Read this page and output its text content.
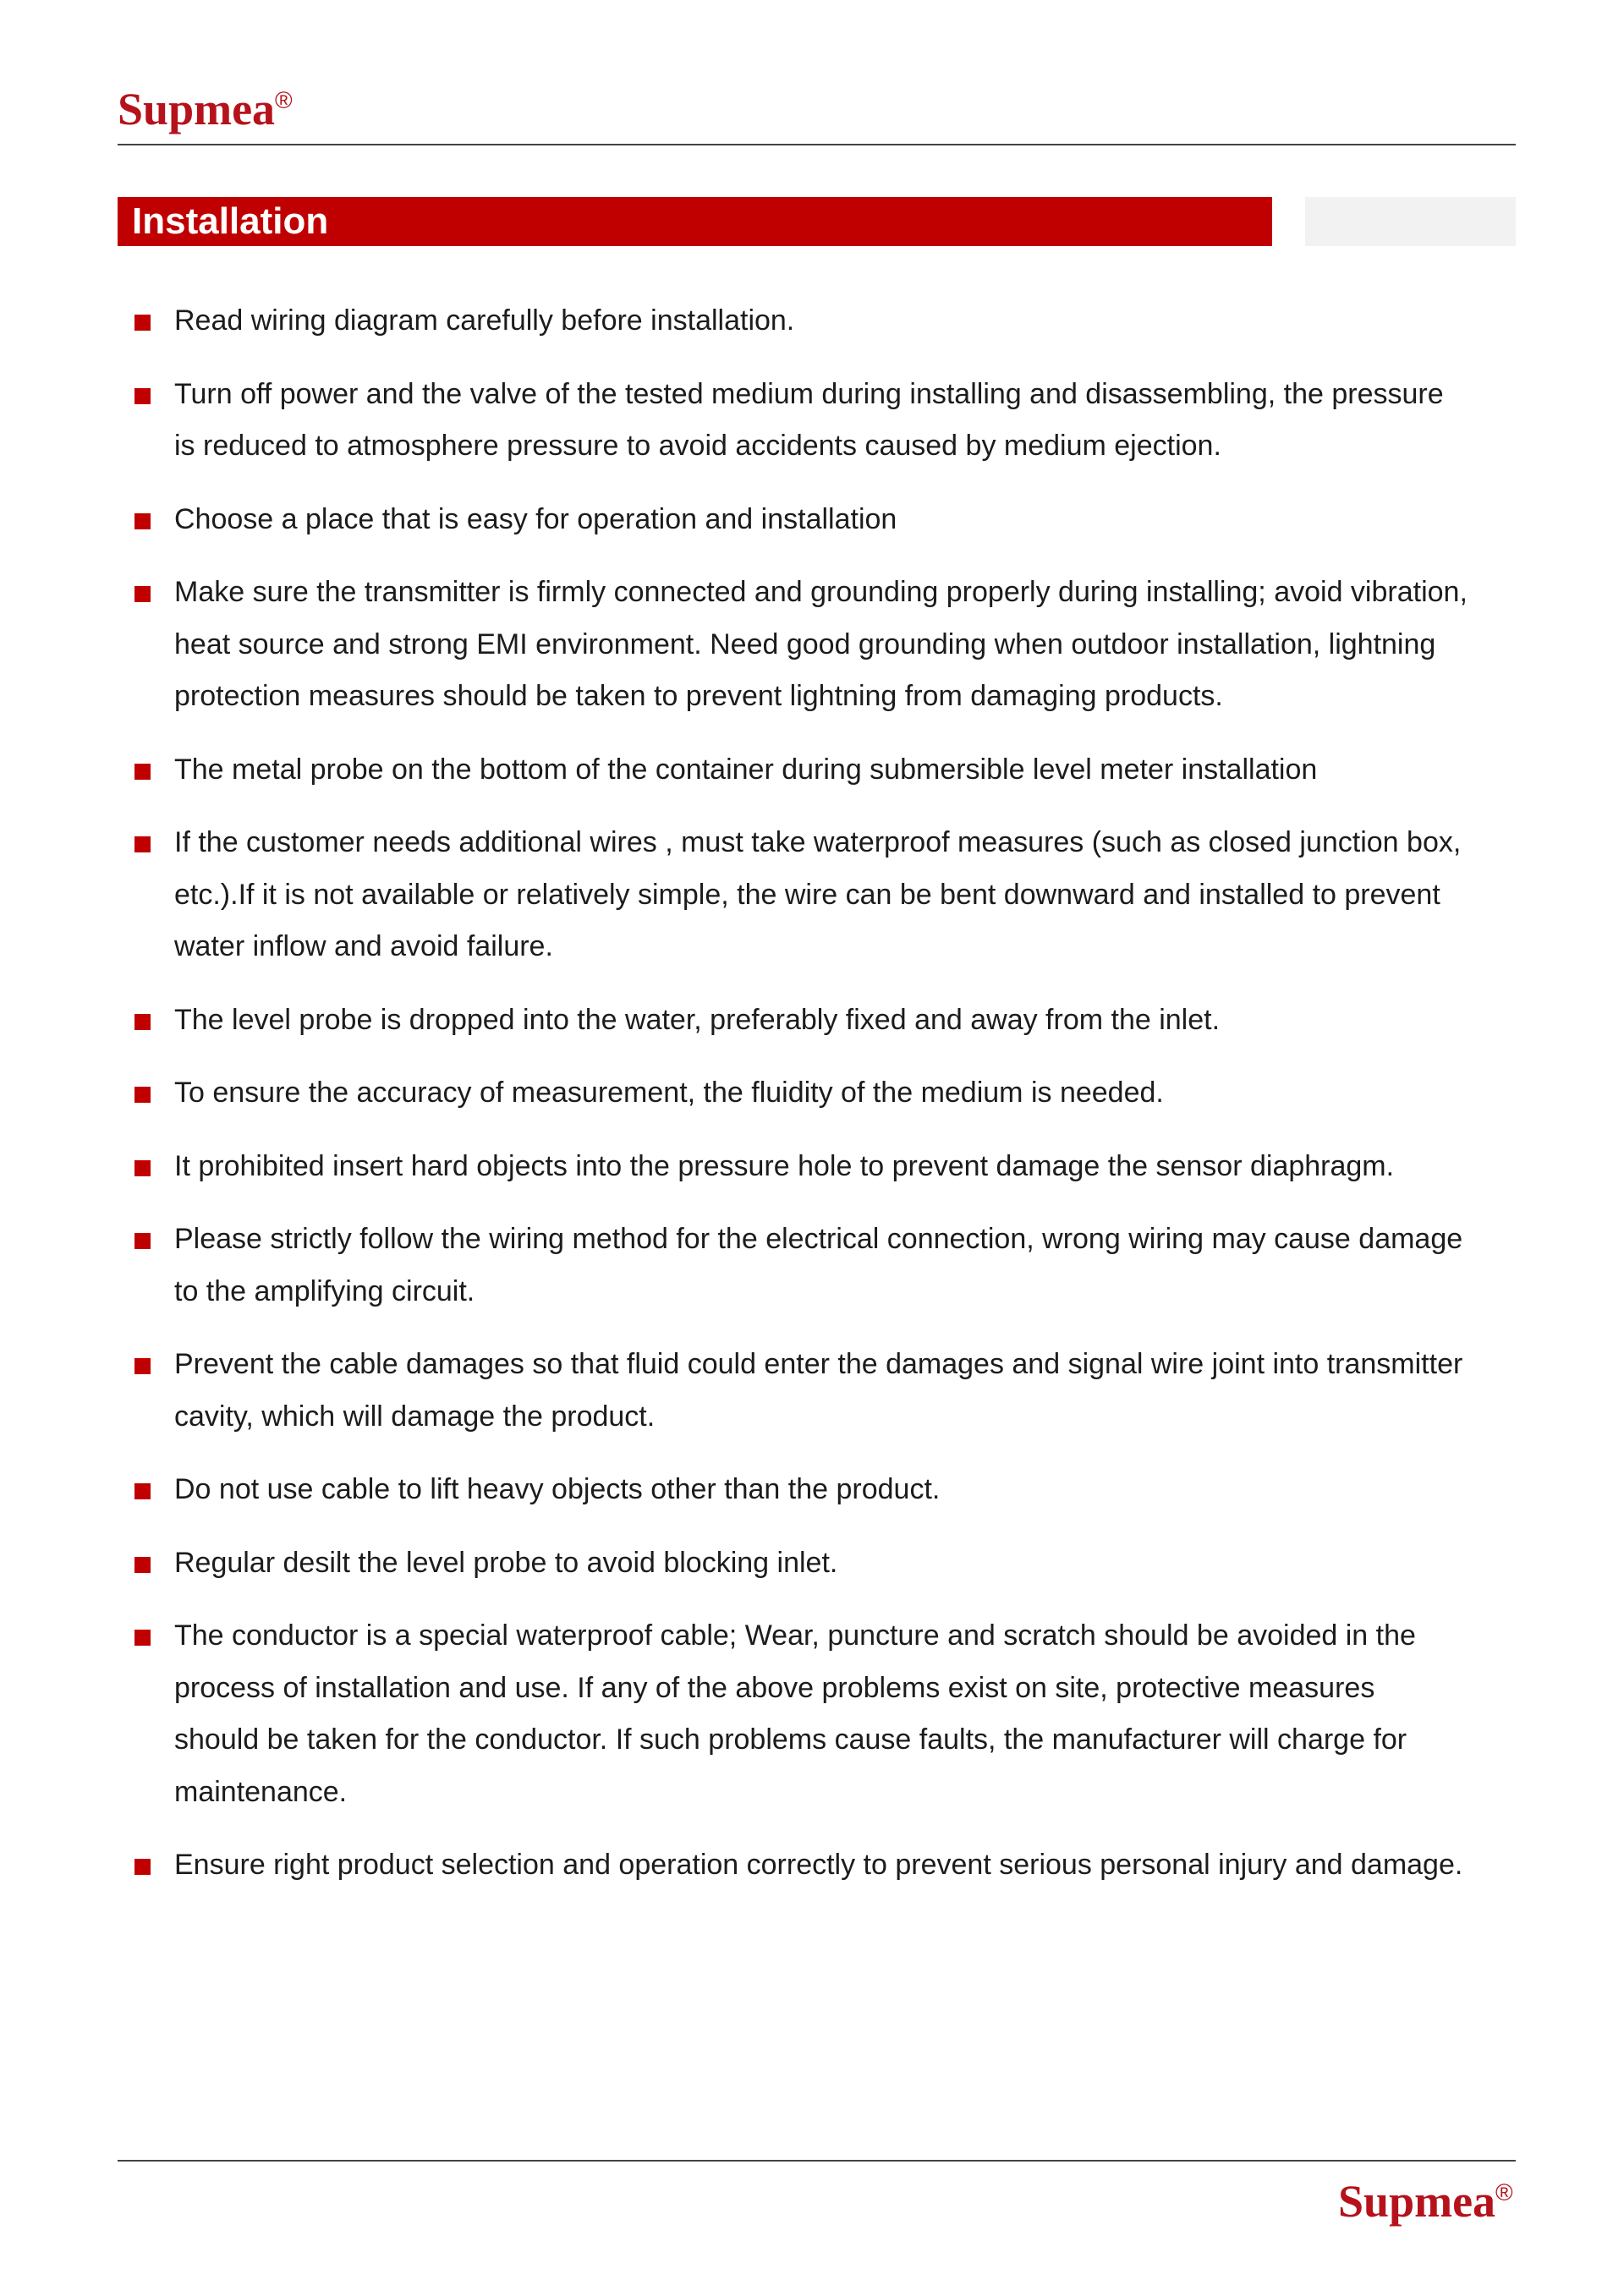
Supmea®
Installation
Read wiring diagram carefully before installation.
Turn off power and the valve of the tested medium during installing and disassembling, the pressure
is reduced to atmosphere pressure to avoid accidents caused by medium ejection.
Choose a place that is easy for operation and installation
Make sure the transmitter is firmly connected and grounding properly during installing; avoid vibration,
heat source and strong EMI environment. Need good grounding when outdoor installation, lightning
protection measures should be taken to prevent lightning from damaging products.
The metal probe on the bottom of the container during submersible level meter installation
If the customer needs additional wires , must take waterproof measures (such as closed junction box,
etc.).If it is not available or relatively simple, the wire can be bent downward and installed to prevent
water inflow and avoid failure.
The level probe is dropped into the water, preferably fixed and away from the inlet.
To ensure the accuracy of measurement, the fluidity of the medium is needed.
It prohibited insert hard objects into the pressure hole to prevent damage the sensor diaphragm.
Please strictly follow the wiring method for the electrical connection, wrong wiring may cause damage
to the amplifying circuit.
Prevent the cable damages so that fluid could enter the damages and signal wire joint into transmitter
cavity, which will damage the product.
Do not use cable to lift heavy objects other than the product.
Regular desilt the level probe to avoid blocking inlet.
The conductor is a special waterproof cable; Wear, puncture and scratch should be avoided in the
process of installation and use. If any of the above problems exist on site, protective measures
should be taken for the conductor. If such problems cause faults, the manufacturer will charge for
maintenance.
Ensure right product selection and operation correctly to prevent serious personal injury and damage.
Supmea®
